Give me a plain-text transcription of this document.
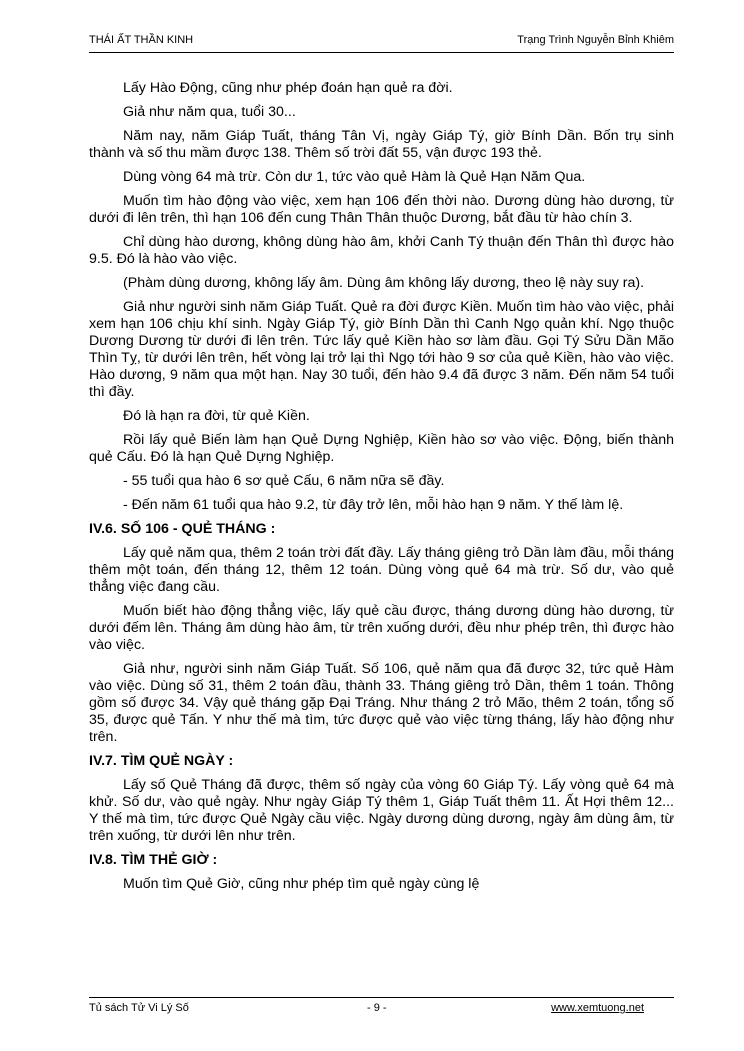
THÁI ẤT THẦN KINH	Trạng Trình Nguyễn Bỉnh Khiêm

Lấy Hào Động, cũng như phép đoán hạn quẻ ra đời.

Giả như năm qua, tuổi 30...

Năm nay, năm Giáp Tuất, tháng Tân Vị, ngày Giáp Tý, giờ Bính Dần. Bốn trụ sinh thành và số thu mầm được 138. Thêm số trời đất 55, vận được 193 thẻ.

Dùng vòng 64 mà trừ. Còn dư 1, tức vào quẻ Hàm là Quẻ Hạn Năm Qua.

Muốn tìm hào động vào việc, xem hạn 106 đến thời nào. Dương dùng hào dương, từ dưới đi lên trên, thì hạn 106 đến cung Thân Thân thuộc Dương, bắt đầu từ hào chín 3.

Chỉ dùng hào dương, không dùng hào âm, khởi Canh Tý thuận đến Thân thì được hào 9.5. Đó là hào vào việc.

(Phàm dùng dương, không lấy âm. Dùng âm không lấy dương, theo lệ này suy ra).

Giả như người sinh năm Giáp Tuất. Quẻ ra đời được Kiền. Muốn tìm hào vào việc, phải xem hạn 106 chịu khí sinh. Ngày Giáp Tý, giờ Bính Dần thì Canh Ngọ quản khí. Ngọ thuộc Dương Dương từ dưới đi lên trên. Tức lấy quẻ Kiền hào sơ làm đầu. Gọi Tý Sửu Dần Mão Thìn Tỵ, từ dưới lên trên, hết vòng lại trở lại thì Ngọ tới hào 9 sơ của quẻ Kiền, hào vào việc. Hào dương, 9 năm qua một hạn. Nay 30 tuổi, đến hào 9.4 đã được 3 năm. Đến năm 54 tuổi thì đầy.

Đó là hạn ra đời, từ quẻ Kiền.

Rồi lấy quẻ Biến làm hạn Quẻ Dựng Nghiệp, Kiền hào sơ vào việc. Động, biến thành quẻ Cấu. Đó là hạn Quẻ Dựng Nghiệp.

- 55 tuổi qua hào 6 sơ quẻ Cấu, 6 năm nữa sẽ đầy.

- Đến năm 61 tuổi qua hào 9.2, từ đây trở lên, mỗi hào hạn 9 năm. Y thế làm lệ.

IV.6. SỐ 106 - QUẺ THÁNG :

Lấy quẻ năm qua, thêm 2 toán trời đất đầy. Lấy tháng giêng trỏ Dần làm đầu, mỗi tháng thêm một toán, đến tháng 12, thêm 12 toán. Dùng vòng quẻ 64 mà trừ. Số dư, vào quẻ thẳng việc đang cầu.

Muốn biết hào động thẳng việc, lấy quẻ cầu được, tháng dương dùng hào dương, từ dưới đếm lên. Tháng âm dùng hào âm, từ trên xuống dưới, đều như phép trên, thì được hào vào việc.

Giả như, người sinh năm Giáp Tuất. Số 106, quẻ năm qua đã được 32, tức quẻ Hàm vào việc. Dùng số 31, thêm 2 toán đầu, thành 33. Tháng giêng trỏ Dần, thêm 1 toán. Thông gồm số được 34. Vậy quẻ tháng gặp Đại Tráng. Như tháng 2 trỏ Mão, thêm 2 toán, tổng số 35, được quẻ Tấn. Y như thế mà tìm, tức được quẻ vào việc từng tháng, lấy hào động như trên.

IV.7. TÌM QUẺ NGÀY :

Lấy số Quẻ Tháng đã được, thêm số ngày của vòng 60 Giáp Tý. Lấy vòng quẻ 64 mà khử. Số dư, vào quẻ ngày. Như ngày Giáp Tý thêm 1, Giáp Tuất thêm 11. Ất Hợi thêm 12... Y thế mà tìm, tức được Quẻ Ngày cầu việc. Ngày dương dùng dương, ngày âm dùng âm, từ trên xuống, từ dưới lên như trên.

IV.8. TÌM THẺ GIỜ :

Muốn tìm Quẻ Giờ, cũng như phép tìm quẻ ngày cùng lệ

Tủ sách Tử Vi Lý Số	- 9 -	www.xemtuong.net
